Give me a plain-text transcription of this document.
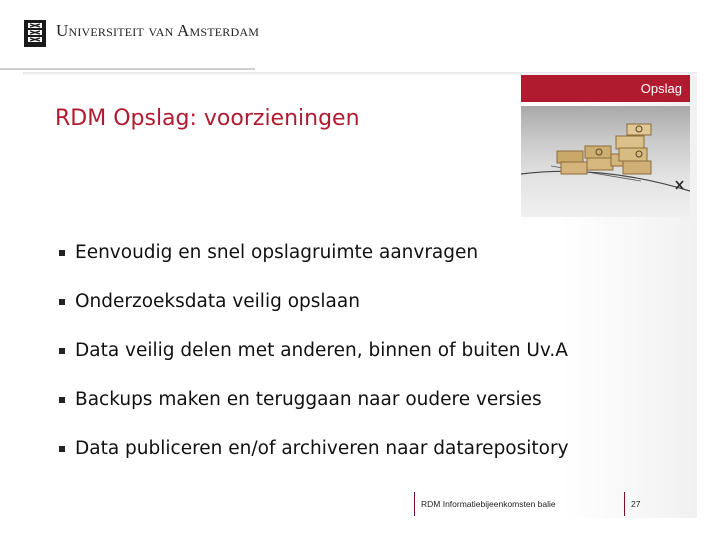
Universiteit van Amsterdam
Opslag
RDM Opslag: voorzieningen
Eenvoudig en snel opslagruimte aanvragen
Onderzoeksdata veilig opslaan
Data veilig delen met anderen, binnen of buiten Uv.A
Backups maken en teruggaan naar oudere versies
Data publiceren en/of archiveren naar datarepository
RDM Informatiebijeenkomsten balie	27
